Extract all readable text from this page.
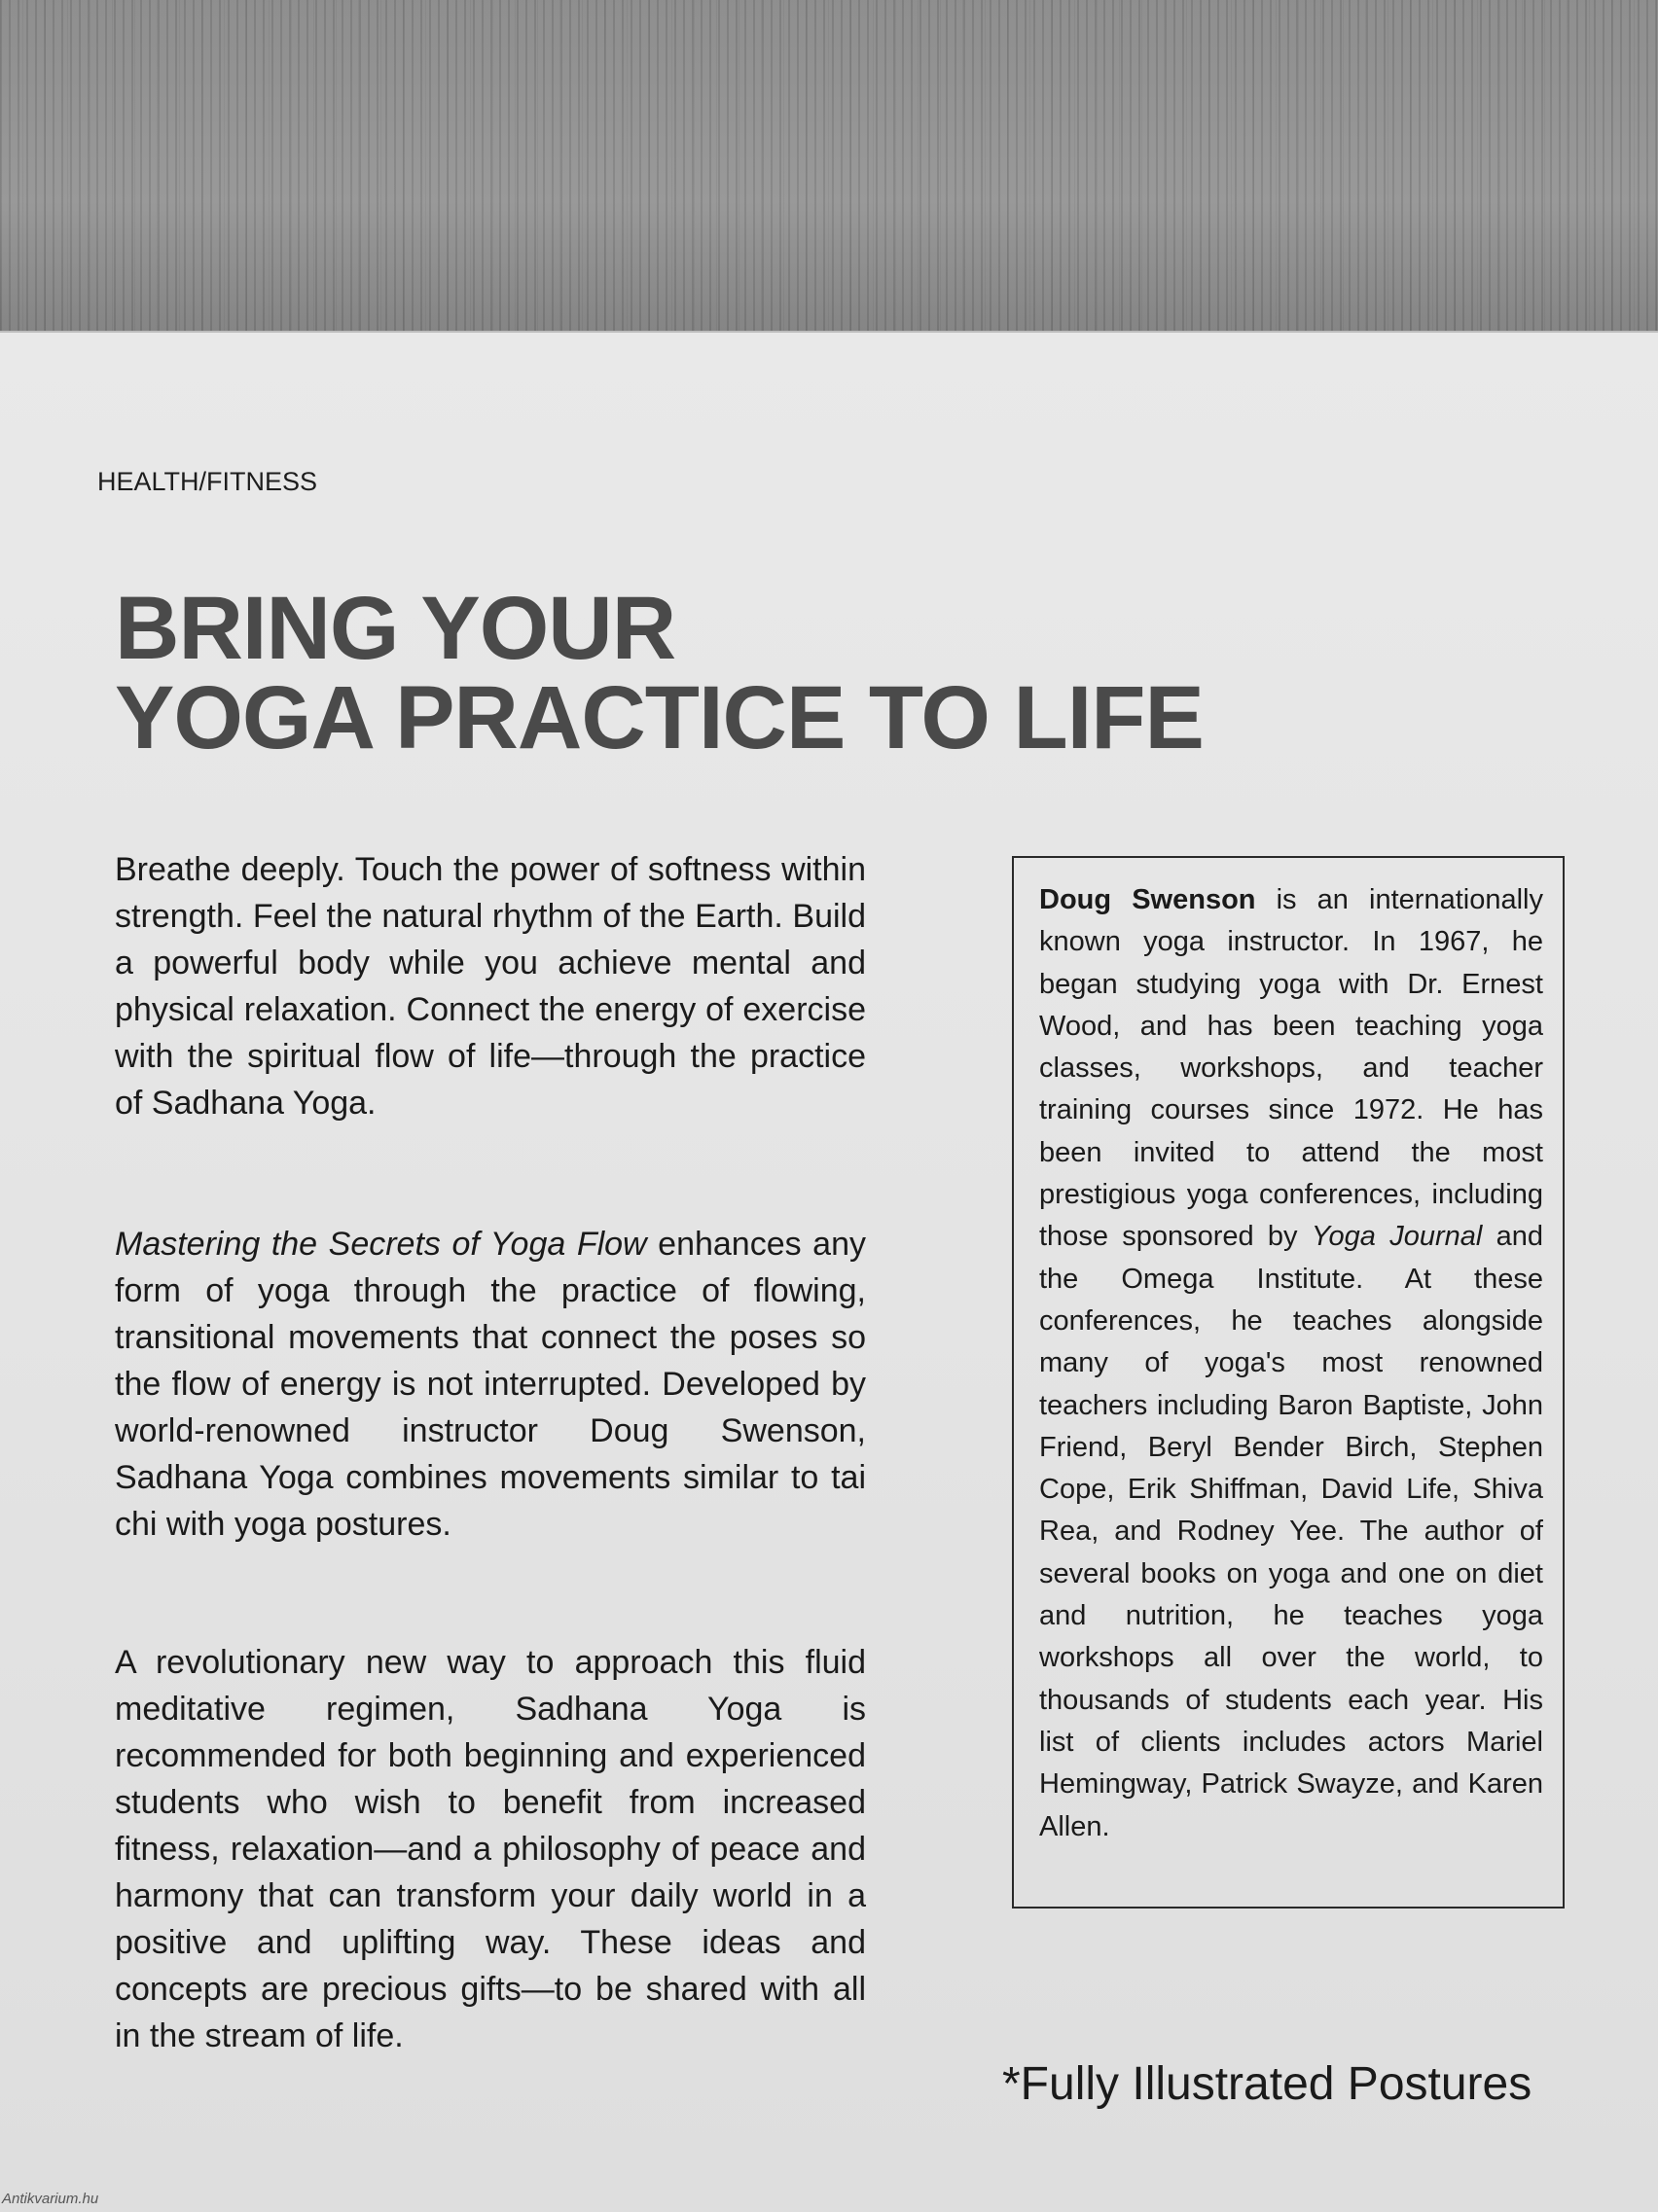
HEALTH/FITNESS
BRING YOUR
YOGA PRACTICE TO LIFE

Breathe deeply. Touch the power of softness within strength. Feel the natural rhythm of the Earth. Build a powerful body while you achieve mental and physical relaxation. Connect the energy of exercise with the spiritual flow of life—through the practice of Sadhana Yoga.

Mastering the Secrets of Yoga Flow enhances any form of yoga through the practice of flowing, transitional movements that connect the poses so the flow of energy is not interrupted. Developed by world-renowned instructor Doug Swenson, Sadhana Yoga combines movements similar to tai chi with yoga postures.

A revolutionary new way to approach this fluid meditative regimen, Sadhana Yoga is recommended for both beginning and experienced students who wish to benefit from increased fitness, relaxation—and a philosophy of peace and harmony that can transform your daily world in a positive and uplifting way. These ideas and concepts are precious gifts—to be shared with all in the stream of life.

Doug Swenson is an internationally known yoga instructor. In 1967, he began studying yoga with Dr. Ernest Wood, and has been teaching yoga classes, workshops, and teacher training courses since 1972. He has been invited to attend the most prestigious yoga conferences, including those sponsored by Yoga Journal and the Omega Institute. At these conferences, he teaches alongside many of yoga's most renowned teachers including Baron Baptiste, John Friend, Beryl Bender Birch, Stephen Cope, Erik Shiffman, David Life, Shiva Rea, and Rodney Yee. The author of several books on yoga and one on diet and nutrition, he teaches yoga workshops all over the world, to thousands of students each year. His list of clients includes actors Mariel Hemingway, Patrick Swayze, and Karen Allen.

*Fully Illustrated Postures
Antikvarium.hu
